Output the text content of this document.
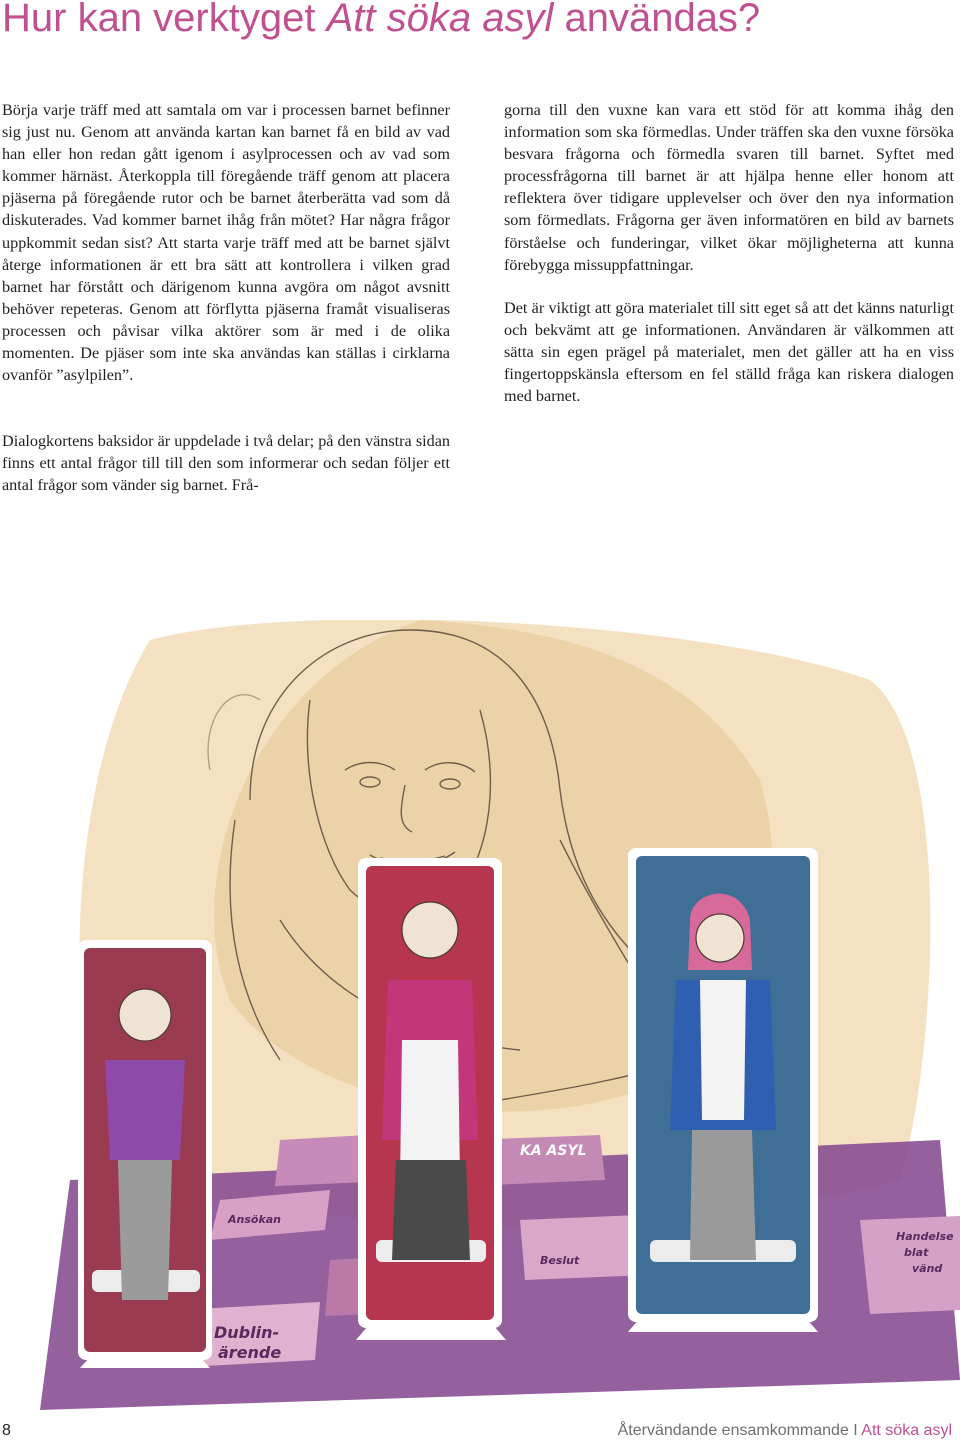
Hur kan verktyget Att söka asyl användas?

Börja varje träff med att samtala om var i processen barnet befinner sig just nu. Genom att använda kartan kan barnet få en bild av vad han eller hon redan gått igenom i asylprocessen och av vad som kommer härnäst. Återkoppla till föregående träff genom att placera pjäserna på föregående rutor och be barnet återberätta vad som då diskuterades. Vad kommer barnet ihåg från mötet? Har några frågor uppkommit sedan sist? Att starta varje träff med att be barnet självt återge informationen är ett bra sätt att kontrollera i vilken grad barnet har förstått och därigenom kunna avgöra om något avsnitt behöver repeteras. Genom att förflytta pjäserna framåt visualiseras processen och påvisar vilka aktörer som är med i de olika momenten. De pjäser som inte ska användas kan ställas i cirklarna ovanför ”asylpilen”.

Dialogkortens baksidor är uppdelade i två delar; på den vänstra sidan finns ett antal frågor till till den som informerar och sedan följer ett antal frågor som vänder sig barnet. Frå-

gorna till den vuxne kan vara ett stöd för att komma ihåg den information som ska förmedlas. Under träffen ska den vuxne försöka besvara frågorna och förmedla svaren till barnet. Syftet med processfrågorna till barnet är att hjälpa henne eller honom att reflektera över tidigare upplevelser och över den nya information som förmedlats. Frågorna ger även informatören en bild av barnets förståelse och funderingar, vilket ökar möjligheterna att kunna förebygga missuppfattningar.

Det är viktigt att göra materialet till sitt eget så att det känns naturligt och bekvämt att ge informationen. Användaren är välkommen att sätta sin egen prägel på materialet, men det gäller att ha en viss fingertoppskänsla eftersom en fel ställd fråga kan riskera dialogen med barnet.

KA ASYL
Ansökan
Beslut
Dublin-
ärende
Handelse
blat
vänd
8	Återvändande ensamkommande I Att söka asyl
